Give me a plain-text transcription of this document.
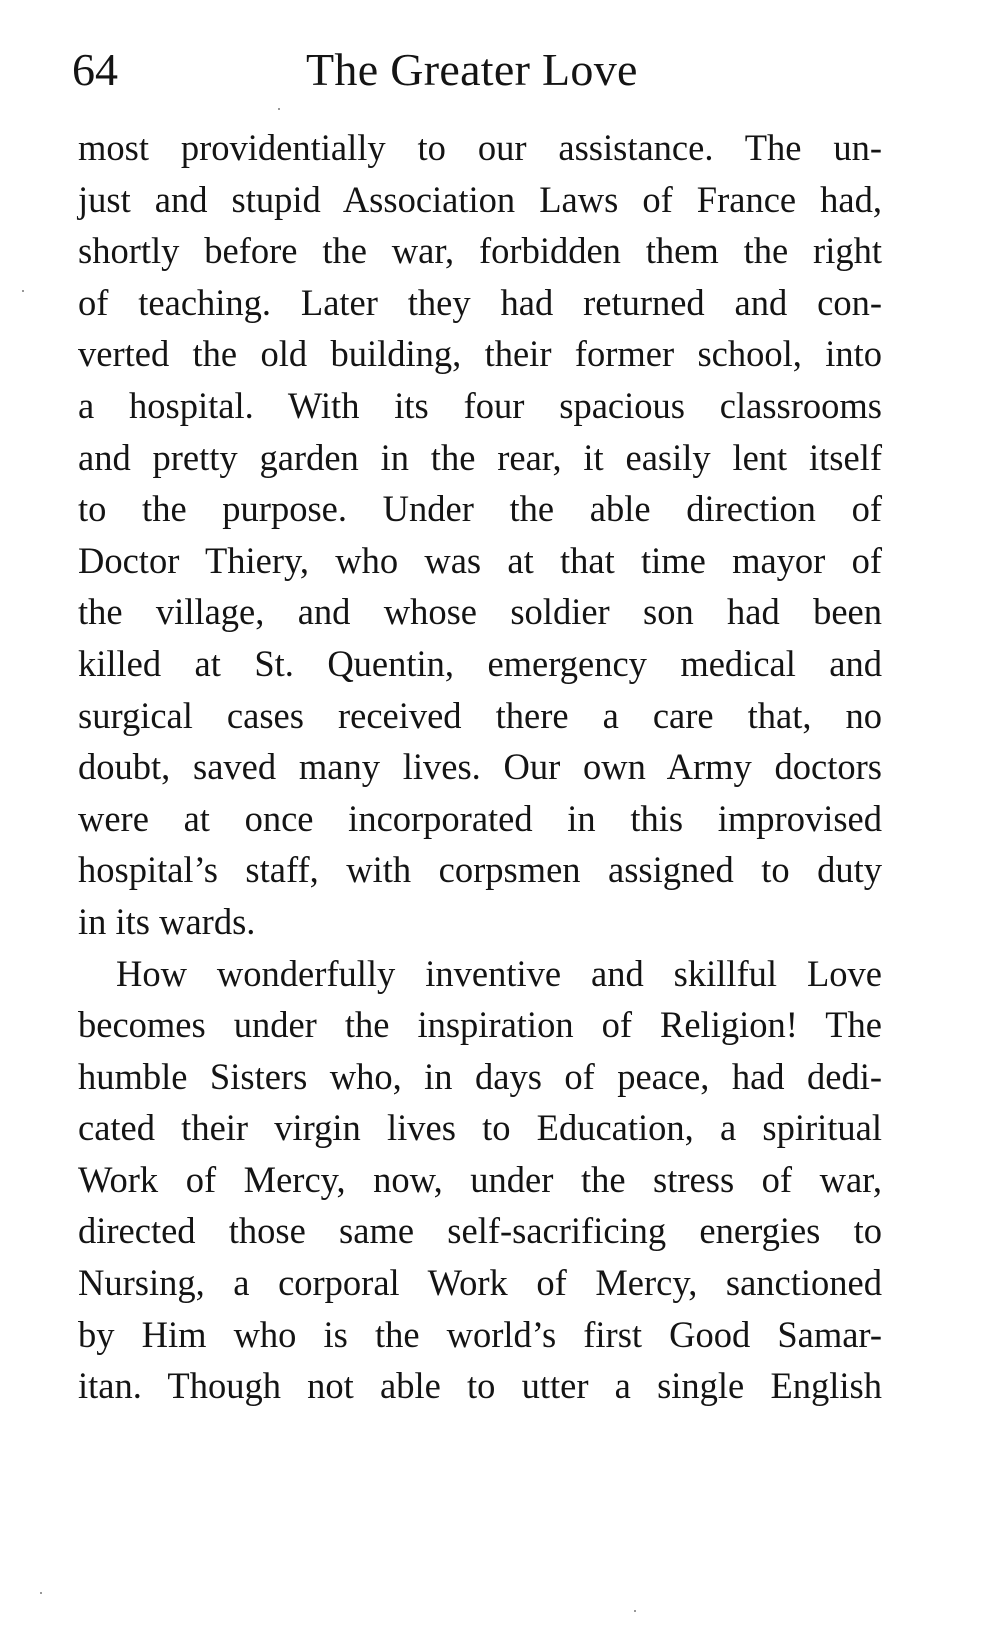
64	The Greater Love
most providentially to our assistance. The un-
just and stupid Association Laws of France had,
shortly before the war, forbidden them the right
of teaching. Later they had returned and con-
verted the old building, their former school, into
a hospital. With its four spacious classrooms
and pretty garden in the rear, it easily lent itself
to the purpose. Under the able direction of
Doctor Thiery, who was at that time mayor of
the village, and whose soldier son had been
killed at St. Quentin, emergency medical and
surgical cases received there a care that, no
doubt, saved many lives. Our own Army doctors
were at once incorporated in this improvised
hospital’s staff, with corpsmen assigned to duty
in its wards.
How wonderfully inventive and skillful Love
becomes under the inspiration of Religion! The
humble Sisters who, in days of peace, had dedi-
cated their virgin lives to Education, a spiritual
Work of Mercy, now, under the stress of war,
directed those same self-sacrificing energies to
Nursing, a corporal Work of Mercy, sanctioned
by Him who is the world’s first Good Samar-
itan. Though not able to utter a single English
